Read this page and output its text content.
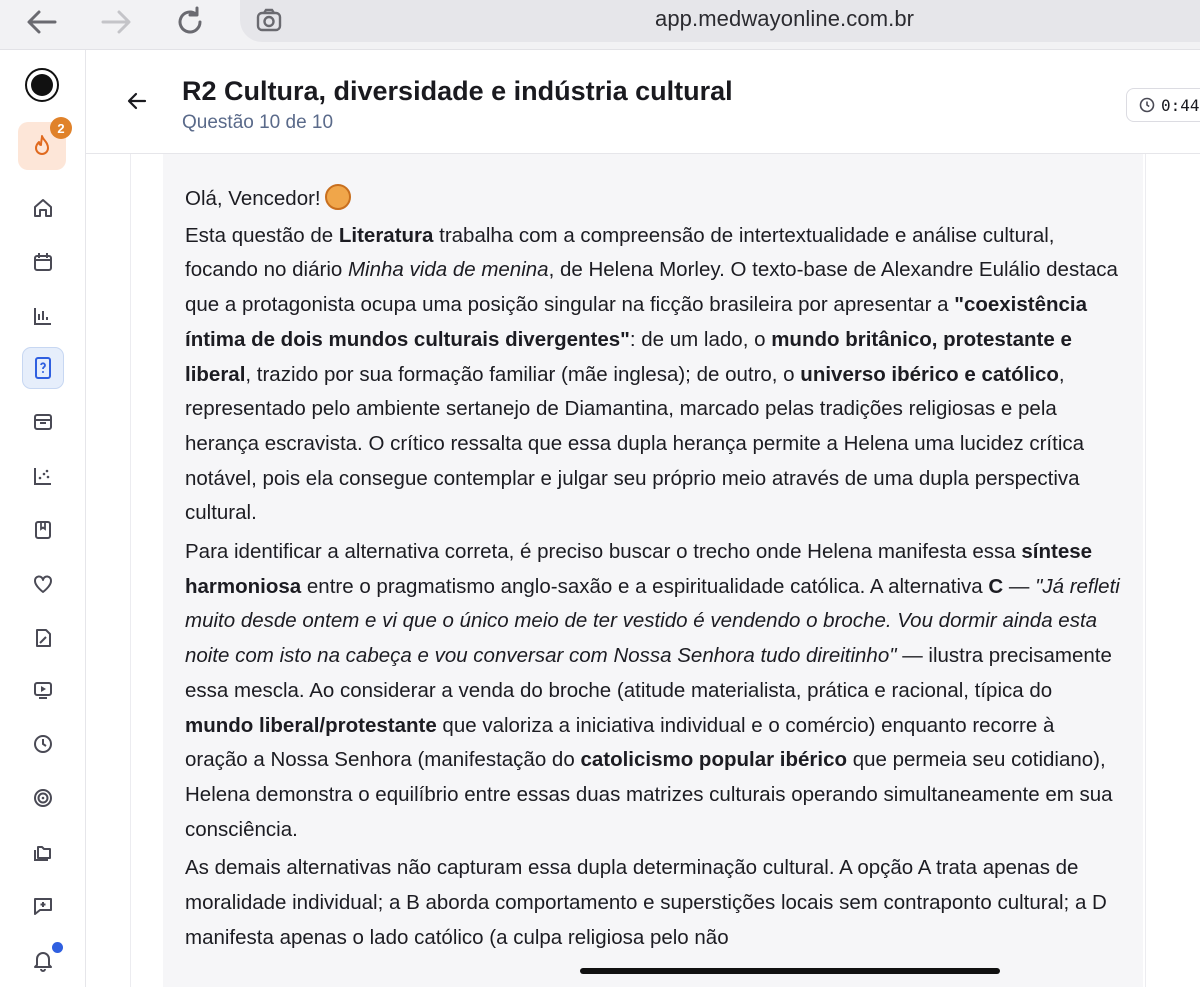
app.medwayonline.com.br
2
R2 Cultura, diversidade e indústria cultural
Questão 10 de 10
0:44

Olá, Vencedor!

Esta questão de Literatura trabalha com a compreensão de intertextualidade e análise cultural, focando no diário Minha vida de menina, de Helena Morley. O texto-base de Alexandre Eulálio destaca que a protagonista ocupa uma posição singular na ficção brasileira por apresentar a "coexistência íntima de dois mundos culturais divergentes": de um lado, o mundo britânico, protestante e liberal, trazido por sua formação familiar (mãe inglesa); de outro, o universo ibérico e católico, representado pelo ambiente sertanejo de Diamantina, marcado pelas tradições religiosas e pela herança escravista. O crítico ressalta que essa dupla herança permite a Helena uma lucidez crítica notável, pois ela consegue contemplar e julgar seu próprio meio através de uma dupla perspectiva cultural.

Para identificar a alternativa correta, é preciso buscar o trecho onde Helena manifesta essa síntese harmoniosa entre o pragmatismo anglo-saxão e a espiritualidade católica. A alternativa C — "Já refleti muito desde ontem e vi que o único meio de ter vestido é vendendo o broche. Vou dormir ainda esta noite com isto na cabeça e vou conversar com Nossa Senhora tudo direitinho" — ilustra precisamente essa mescla. Ao considerar a venda do broche (atitude materialista, prática e racional, típica do mundo liberal/protestante que valoriza a iniciativa individual e o comércio) enquanto recorre à oração a Nossa Senhora (manifestação do catolicismo popular ibérico que permeia seu cotidiano), Helena demonstra o equilíbrio entre essas duas matrizes culturais operando simultaneamente em sua consciência.

As demais alternativas não capturam essa dupla determinação cultural. A opção A trata apenas de moralidade individual; a B aborda comportamento e superstições locais sem contraponto cultural; a D manifesta apenas o lado católico (a culpa religiosa pelo não
